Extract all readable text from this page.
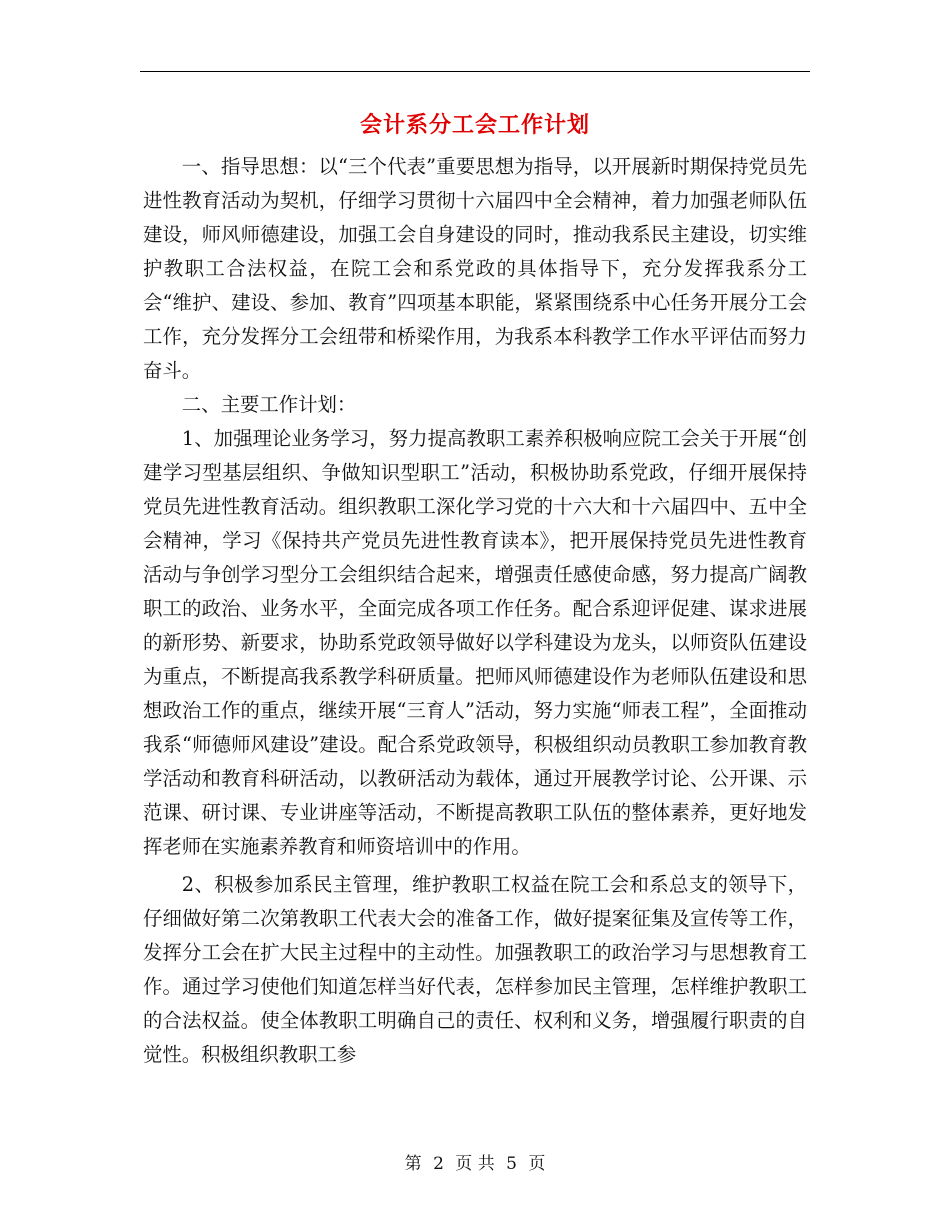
会计系分工会工作计划

一、指导思想：以“三个代表”重要思想为指导，以开展新时期保持党员先进性教育活动为契机，仔细学习贯彻十六届四中全会精神，着力加强老师队伍建设，师风师德建设，加强工会自身建设的同时，推动我系民主建设，切实维护教职工合法权益，在院工会和系党政的具体指导下，充分发挥我系分工会“维护、建设、参加、教育”四项基本职能，紧紧围绕系中心任务开展分工会工作，充分发挥分工会纽带和桥梁作用，为我系本科教学工作水平评估而努力奋斗。

二、主要工作计划：

1、加强理论业务学习，努力提高教职工素养积极响应院工会关于开展“创建学习型基层组织、争做知识型职工”活动，积极协助系党政，仔细开展保持党员先进性教育活动。组织教职工深化学习党的十六大和十六届四中、五中全会精神，学习《保持共产党员先进性教育读本》，把开展保持党员先进性教育活动与争创学习型分工会组织结合起来，增强责任感使命感，努力提高广阔教职工的政治、业务水平，全面完成各项工作任务。配合系迎评促建、谋求进展的新形势、新要求，协助系党政领导做好以学科建设为龙头，以师资队伍建设为重点，不断提高我系教学科研质量。把师风师德建设作为老师队伍建设和思想政治工作的重点，继续开展“三育人”活动，努力实施“师表工程”，全面推动我系“师德师风建设”建设。配合系党政领导，积极组织动员教职工参加教育教学活动和教育科研活动，以教研活动为载体，通过开展教学讨论、公开课、示范课、研讨课、专业讲座等活动，不断提高教职工队伍的整体素养，更好地发挥老师在实施素养教育和师资培训中的作用。

2、积极参加系民主管理，维护教职工权益在院工会和系总支的领导下，仔细做好第二次第教职工代表大会的准备工作，做好提案征集及宣传等工作，发挥分工会在扩大民主过程中的主动性。加强教职工的政治学习与思想教育工作。通过学习使他们知道怎样当好代表，怎样参加民主管理，怎样维护教职工的合法权益。使全体教职工明确自己的责任、权利和义务，增强履行职责的自觉性。积极组织教职工参

第 2 页 共 5 页
